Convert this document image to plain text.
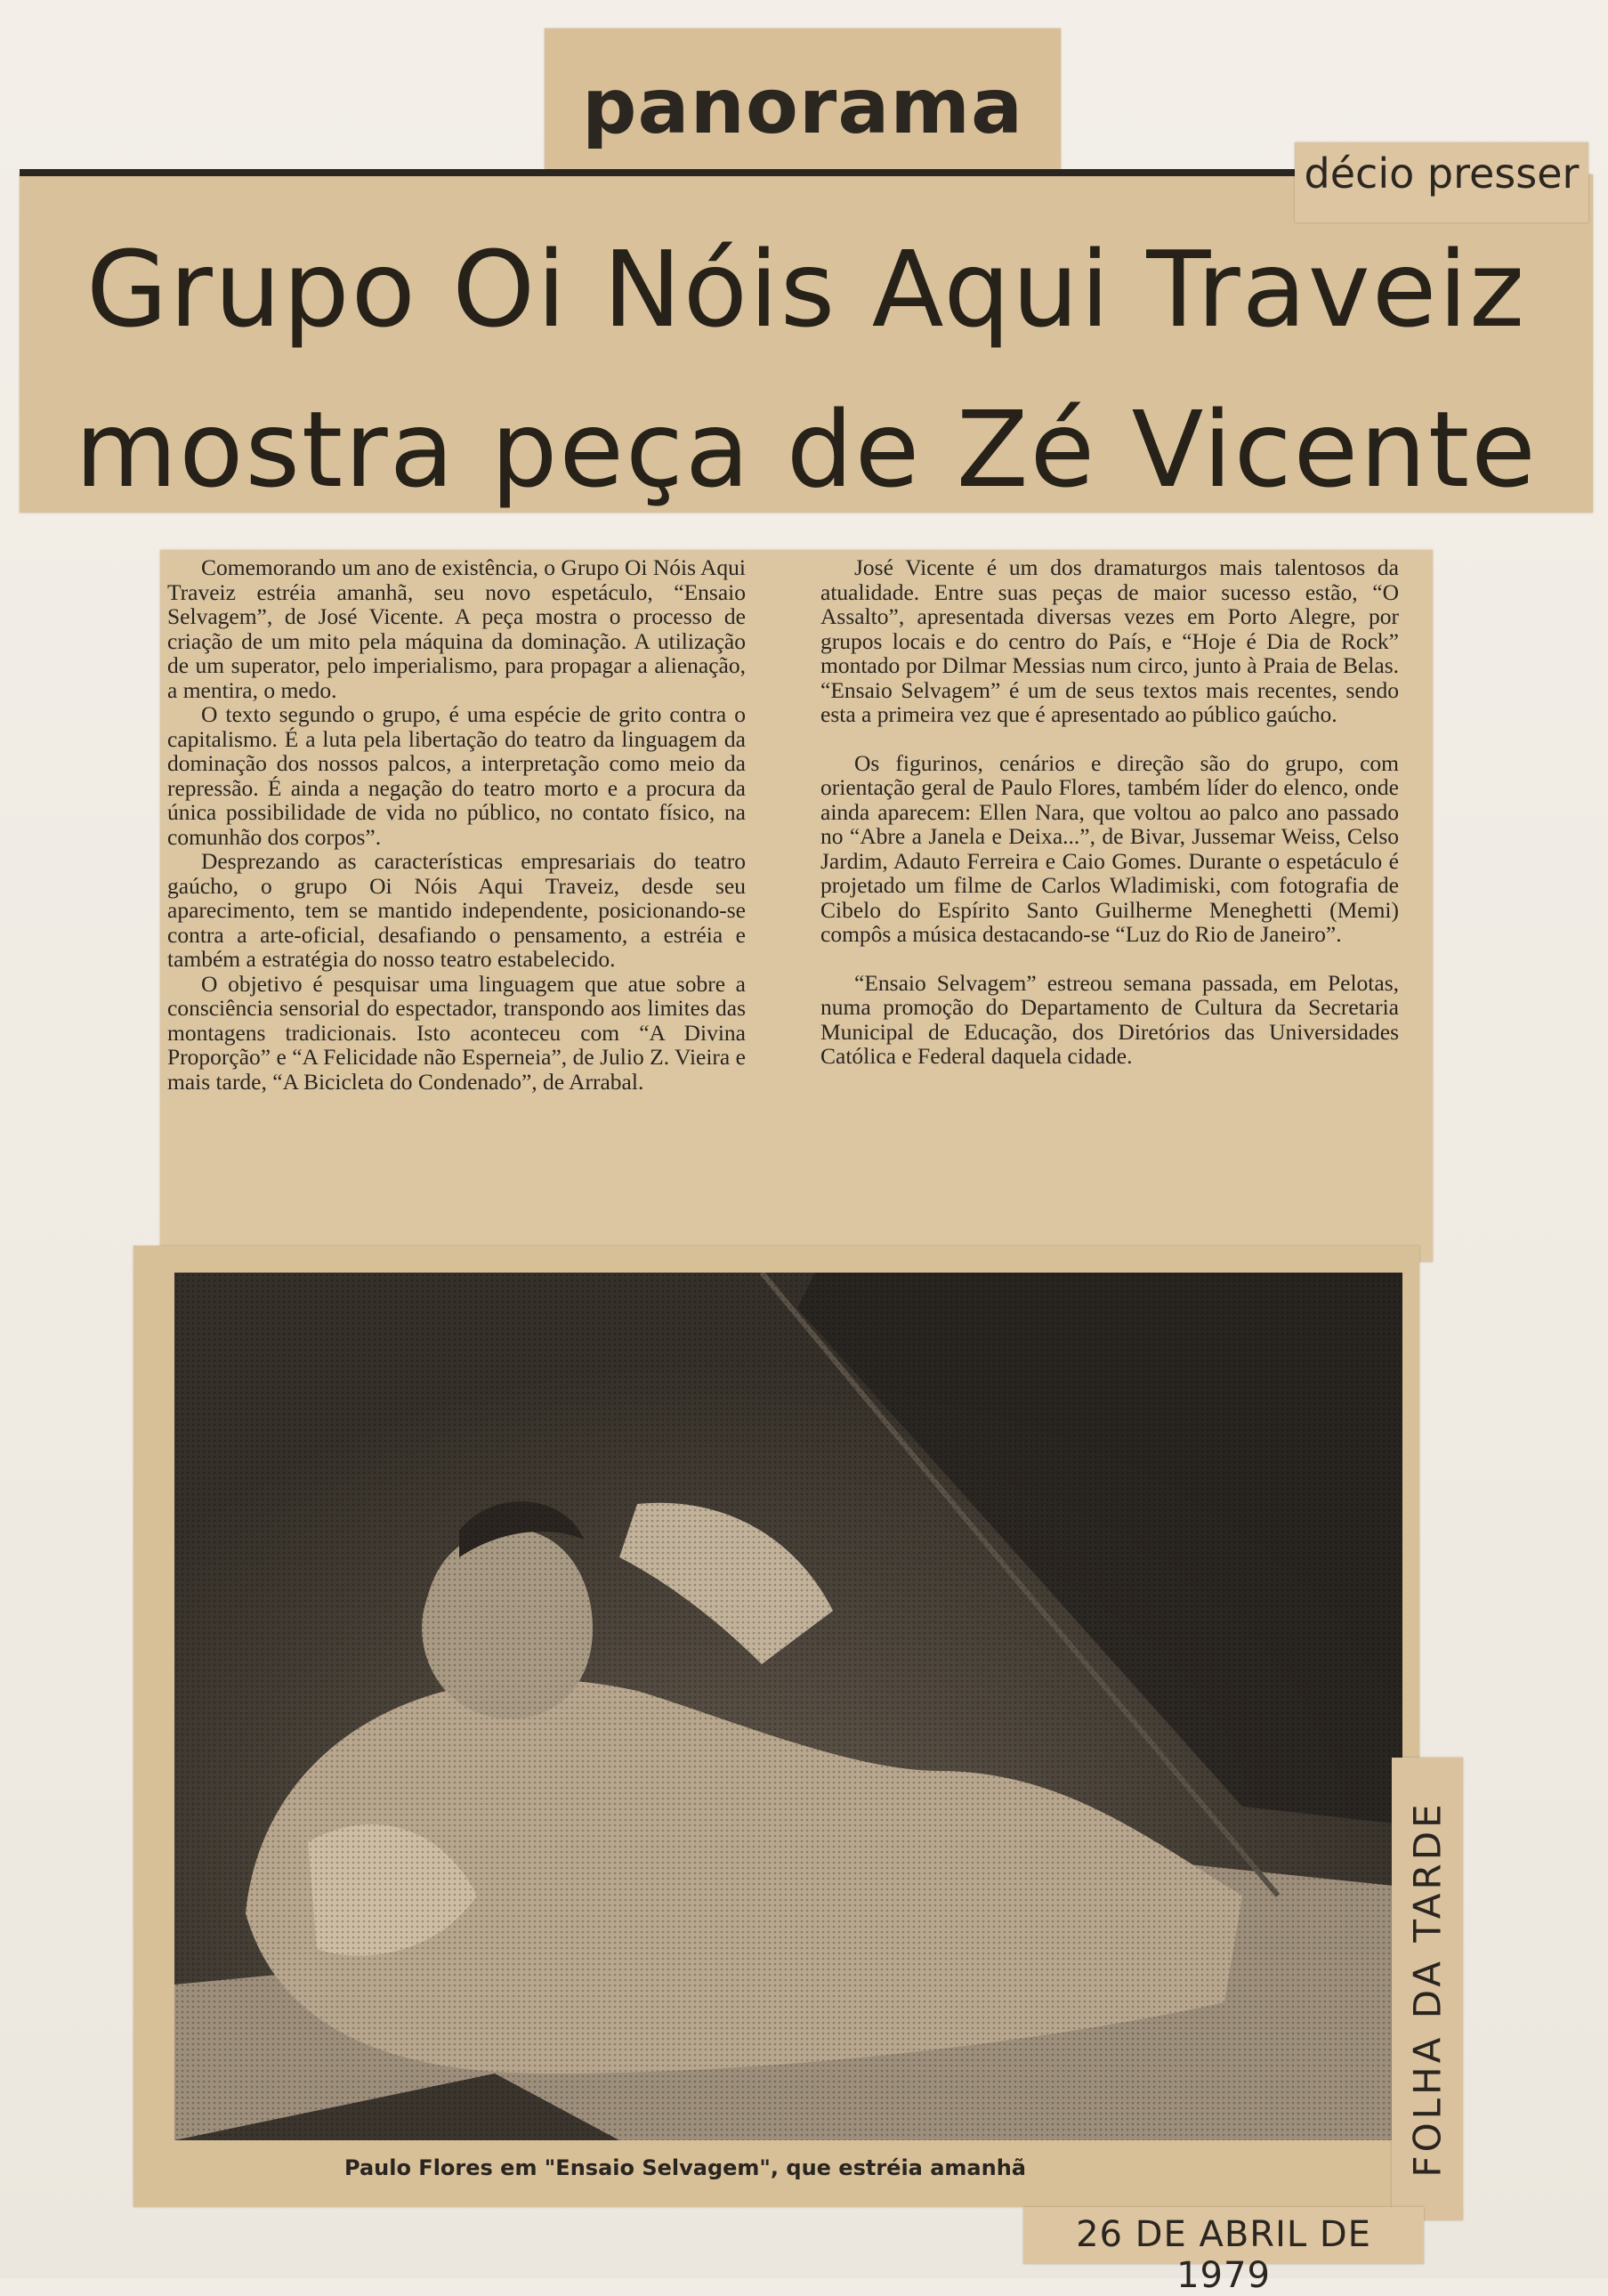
panorama
Grupo Oi Nóis Aqui Traveiz
mostra peça de Zé Vicente
décio presser

Comemorando um ano de existência, o Grupo Oi Nóis Aqui Traveiz estréia amanhã, seu novo espetáculo, “Ensaio Selvagem”, de José Vicente. A peça mostra o processo de criação de um mito pela máquina da dominação. A utilização de um superator, pelo imperialismo, para propagar a alienação, a mentira, o medo.

O texto segundo o grupo, é uma espécie de grito contra o capitalismo. É a luta pela libertação do teatro da linguagem da dominação dos nossos palcos, a interpretação como meio da repressão. É ainda a negação do teatro morto e a procura da única possibilidade de vida no público, no contato físico, na comunhão dos corpos”.

Desprezando as características empresariais do teatro gaúcho, o grupo Oi Nóis Aqui Traveiz, desde seu aparecimento, tem se mantido independente, posicionando-se contra a arte-oficial, desafiando o pensamento, a estréia e também a estratégia do nosso teatro estabelecido.

O objetivo é pesquisar uma linguagem que atue sobre a consciência sensorial do espectador, transpondo aos limites das montagens tradicionais. Isto aconteceu com “A Divina Proporção” e “A Felicidade não Esperneia”, de Julio Z. Vieira e mais tarde, “A Bicicleta do Condenado”, de Arrabal.

José Vicente é um dos dramaturgos mais talentosos da atualidade. Entre suas peças de maior sucesso estão, “O Assalto”, apresentada diversas vezes em Porto Alegre, por grupos locais e do centro do País, e “Hoje é Dia de Rock” montado por Dilmar Messias num circo, junto à Praia de Belas. “Ensaio Selvagem” é um de seus textos mais recentes, sendo esta a primeira vez que é apresentado ao público gaúcho.

Os figurinos, cenários e direção são do grupo, com orientação geral de Paulo Flores, também líder do elenco, onde ainda aparecem: Ellen Nara, que voltou ao palco ano passado no “Abre a Janela e Deixa...”, de Bivar, Jussemar Weiss, Celso Jardim, Adauto Ferreira e Caio Gomes. Durante o espetáculo é projetado um filme de Carlos Wladimiski, com fotografia de Cibelo do Espírito Santo Guilherme Meneghetti (Memi) compôs a música destacando-se “Luz do Rio de Janeiro”.

“Ensaio Selvagem” estreou semana passada, em Pelotas, numa promoção do Departamento de Cultura da Secretaria Municipal de Educação, dos Diretórios das Universidades Católica e Federal daquela cidade.

Paulo Flores em "Ensaio Selvagem", que estréia amanhã	FOLHA DA TARDE
26 DE ABRIL DE 1979
